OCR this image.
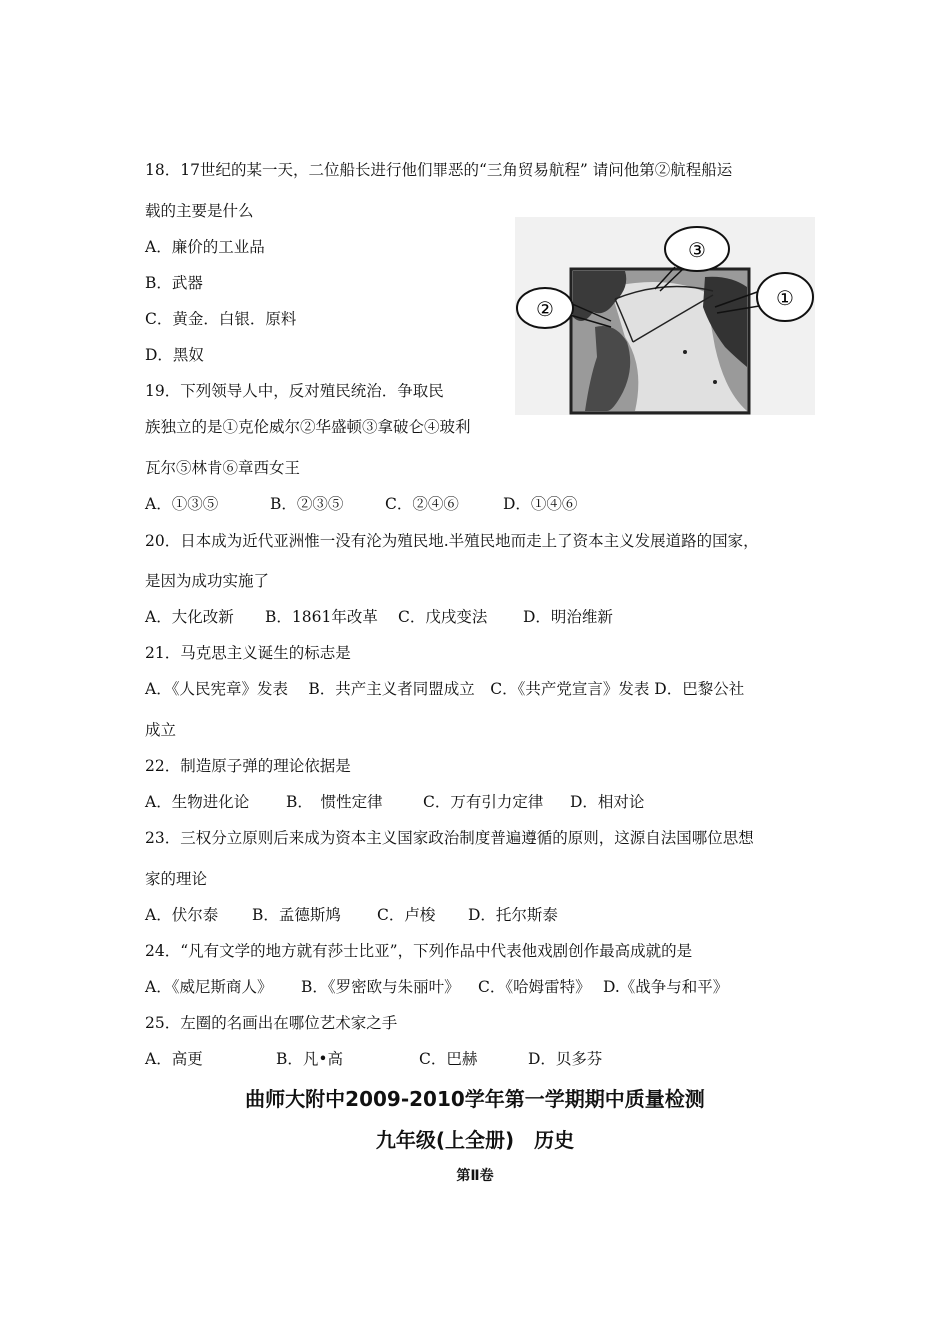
18．17世纪的某一天，二位船长进行他们罪恶的“三角贸易航程” 请问他第②航程船运
载的主要是什么
A．廉价的工业品
B．武器
C．黄金．白银．原料
D．黑奴
③
②	①
19．下列领导人中，反对殖民统治．争取民
族独立的是①克伦威尔②华盛顿③拿破仑④玻利
瓦尔⑤林肯⑥章西女王
A．①③⑤	B．②③⑤	C．②④⑥	D．①④⑥
20．日本成为近代亚洲惟一没有沦为殖民地.半殖民地而走上了资本主义发展道路的国家，
是因为成功实施了
A．大化改新 B．1861年改革 C．戊戌变法 D．明治维新
21．马克思主义诞生的标志是
A．《人民宪章》发表　 B．共产主义者同盟成立　C．《共产党宣言》发表 D．巴黎公社
成立
22．制造原子弹的理论依据是
A．生物进化论 B．　惯性定律	C．万有引力定律 D．相对论
23．三权分立原则后来成为资本主义国家政治制度普遍遵循的原则，这源自法国哪位思想
家的理论
A．伏尔泰 B．孟德斯鸠 C．卢梭 D．托尔斯泰
24．“凡有文学的地方就有莎士比亚”，下列作品中代表他戏剧创作最高成就的是
A．《威尼斯商人》 B．《罗密欧与朱丽叶》 C．《哈姆雷特》 D.《战争与和平》
25．左圈的名画出在哪位艺术家之手
A．高更	B．凡•高	C．巴赫	D．贝多芬
曲师大附中2009-2010学年第一学期期中质量检测
九年级(上全册)　历史
第Ⅱ卷
